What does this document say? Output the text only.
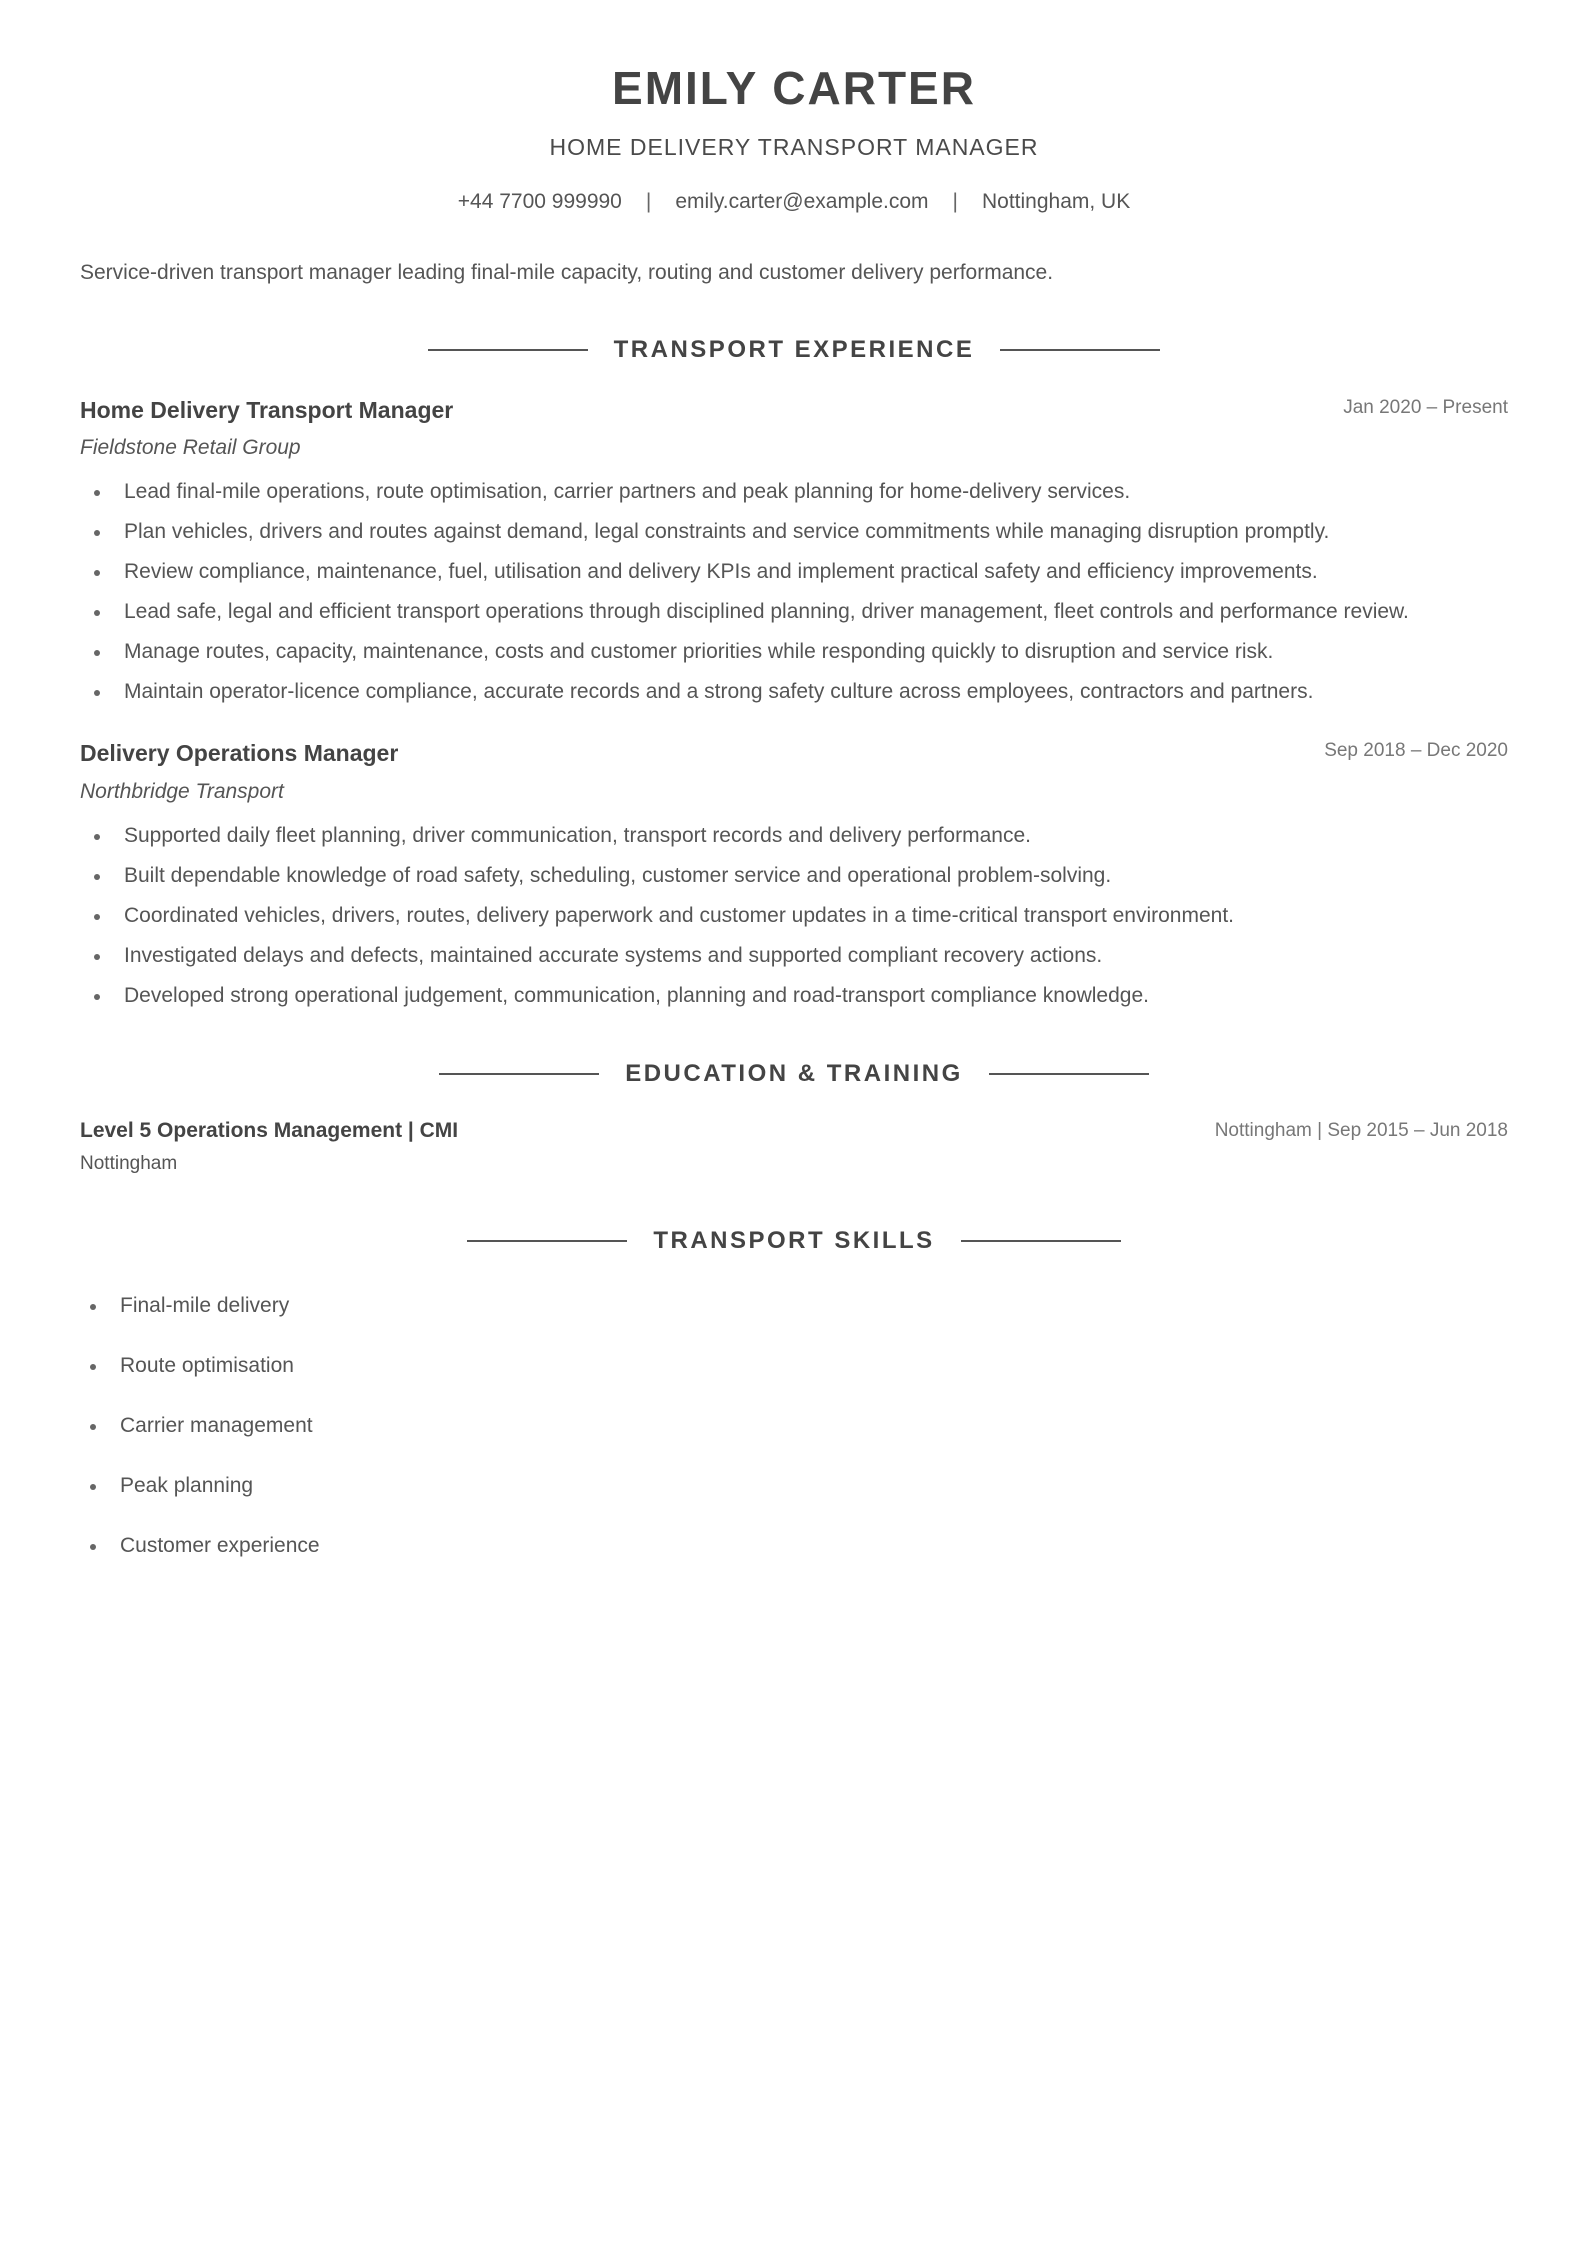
EMILY CARTER
HOME DELIVERY TRANSPORT MANAGER
+44 7700 999990 | emily.carter@example.com | Nottingham, UK
Service-driven transport manager leading final-mile capacity, routing and customer delivery performance.
TRANSPORT EXPERIENCE
Home Delivery Transport Manager	Jan 2020 – Present
Fieldstone Retail Group
Lead final-mile operations, route optimisation, carrier partners and peak planning for home-delivery services.
Plan vehicles, drivers and routes against demand, legal constraints and service commitments while managing disruption promptly.
Review compliance, maintenance, fuel, utilisation and delivery KPIs and implement practical safety and efficiency improvements.
Lead safe, legal and efficient transport operations through disciplined planning, driver management, fleet controls and performance review.
Manage routes, capacity, maintenance, costs and customer priorities while responding quickly to disruption and service risk.
Maintain operator-licence compliance, accurate records and a strong safety culture across employees, contractors and partners.
Delivery Operations Manager	Sep 2018 – Dec 2020
Northbridge Transport
Supported daily fleet planning, driver communication, transport records and delivery performance.
Built dependable knowledge of road safety, scheduling, customer service and operational problem-solving.
Coordinated vehicles, drivers, routes, delivery paperwork and customer updates in a time-critical transport environment.
Investigated delays and defects, maintained accurate systems and supported compliant recovery actions.
Developed strong operational judgement, communication, planning and road-transport compliance knowledge.
EDUCATION & TRAINING
Level 5 Operations Management | CMI	Nottingham | Sep 2015 – Jun 2018
Nottingham
TRANSPORT SKILLS
Final-mile delivery
Route optimisation
Carrier management
Peak planning
Customer experience
